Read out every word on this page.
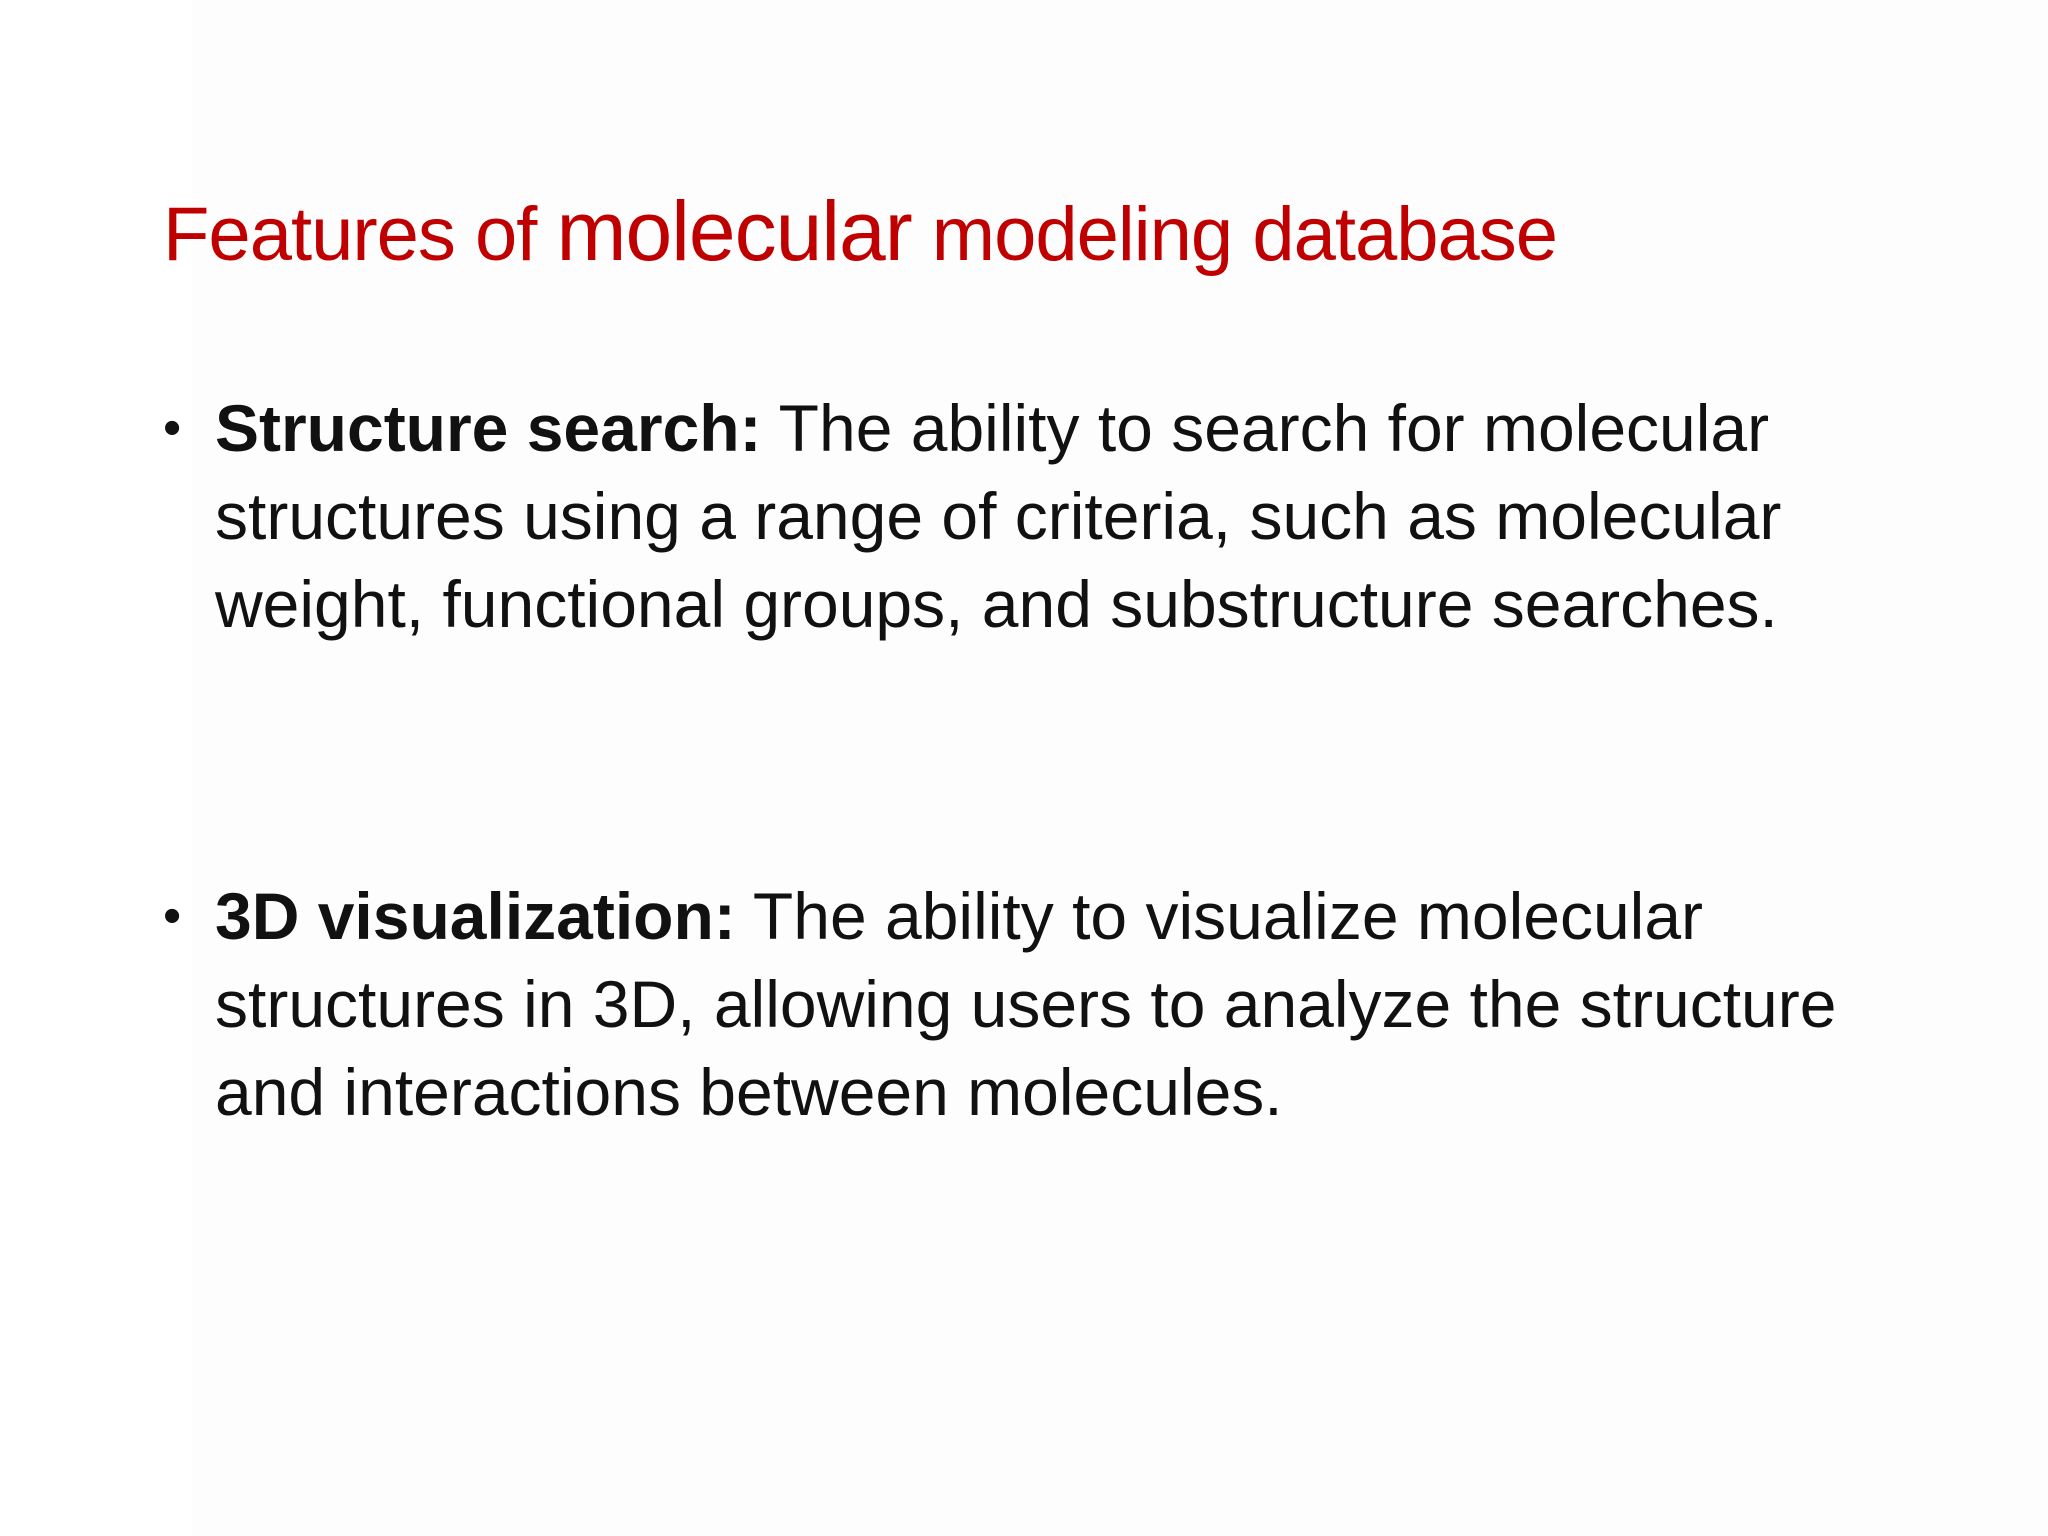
Features of molecular modeling database
• Structure search: The ability to search for molecular structures using a range of criteria, such as molecular weight, functional groups, and substructure searches.
• 3D visualization: The ability to visualize molecular structures in 3D, allowing users to analyze the structure and interactions between molecules.
